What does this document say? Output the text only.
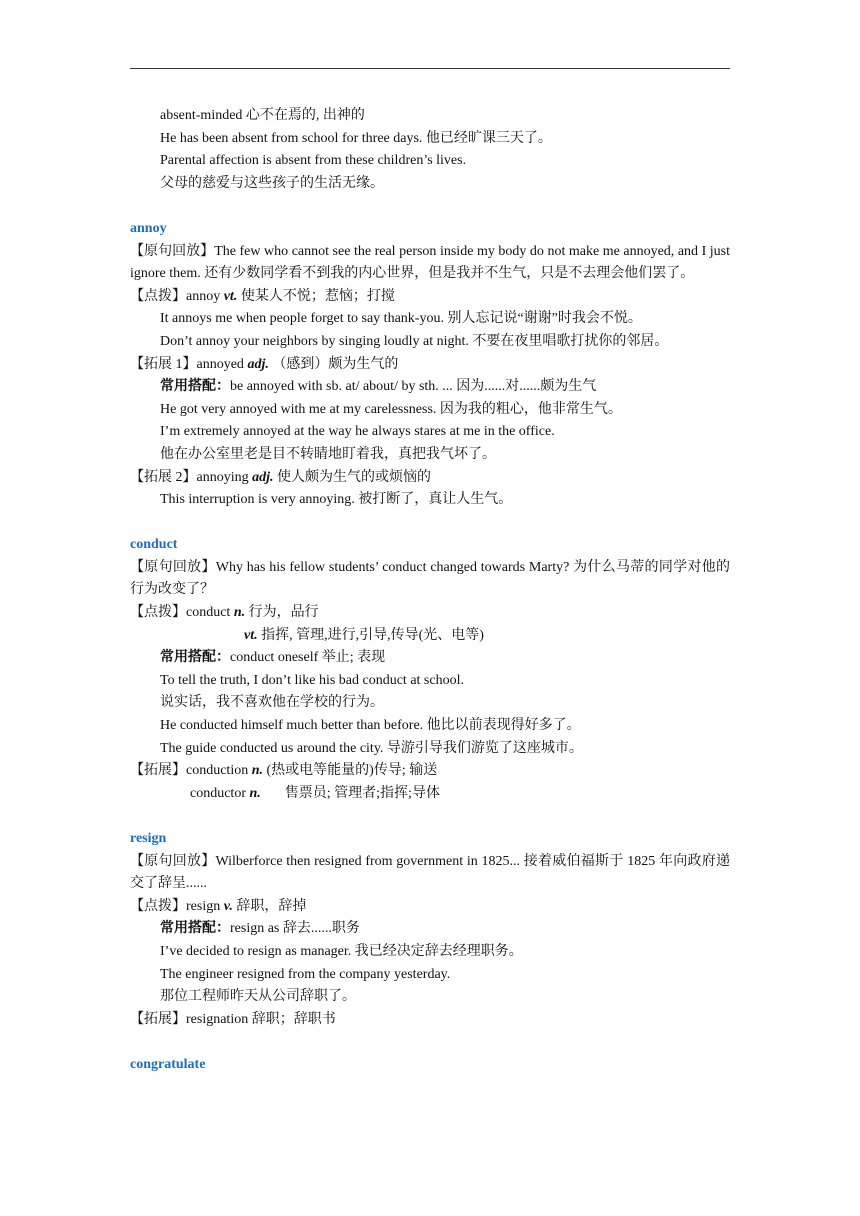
absent-minded 心不在焉的, 出神的
He has been absent from school for three days. 他已经旷课三天了。
Parental affection is absent from these children’s lives.
父母的慈爱与这些孩子的生活无缘。
annoy
【原句回放】The few who cannot see the real person inside my body do not make me annoyed, and I just ignore them. 还有少数同学看不到我的内心世界，但是我并不生气，只是不去理会他们罢了。
【点拨】annoy vt. 使某人不悦；惹恼；打搅
It annoys me when people forget to say thank-you. 别人忘记说“谢谢”时我会不悦。
Don’t annoy your neighbors by singing loudly at night. 不要在夜里唱歌打扰你的邻居。
【拓展 1】annoyed adj. （感到）颇为生气的
常用搭配：be annoyed with sb. at/ about/ by sth. ... 因为......对......颇为生气
He got very annoyed with me at my carelessness. 因为我的粗心，他非常生气。
I’m extremely annoyed at the way he always stares at me in the office.
他在办公室里老是目不转睛地盯着我，真把我气坏了。
【拓展 2】annoying adj. 使人颇为生气的或烦恼的
This interruption is very annoying. 被打断了，真让人生气。
conduct
【原句回放】Why has his fellow students’ conduct changed towards Marty? 为什么马蒂的同学对他的行为改变了？
【点拨】conduct n. 行为，品行
vt. 指挥, 管理,进行,引导,传导(光、电等)
常用搭配：conduct oneself 举止; 表现
To tell the truth, I don’t like his bad conduct at school.
说实话，我不喜欢他在学校的行为。
He conducted himself much better than before. 他比以前表现得好多了。
The guide conducted us around the city. 导游引导我们游览了这座城市。
【拓展】conduction n. (热或电等能量的)传导; 输送
conductor n. 售票员; 管理者;指挥;导体
resign
【原句回放】Wilberforce then resigned from government in 1825... 接着威伯福斯于 1825 年向政府递交了辞呈......
【点拨】resign v. 辞职，辞掉
常用搭配：resign as 辞去......职务
I’ve decided to resign as manager. 我已经决定辞去经理职务。
The engineer resigned from the company yesterday.
那位工程师昨天从公司辞职了。
【拓展】resignation 辞职；辞职书
congratulate
